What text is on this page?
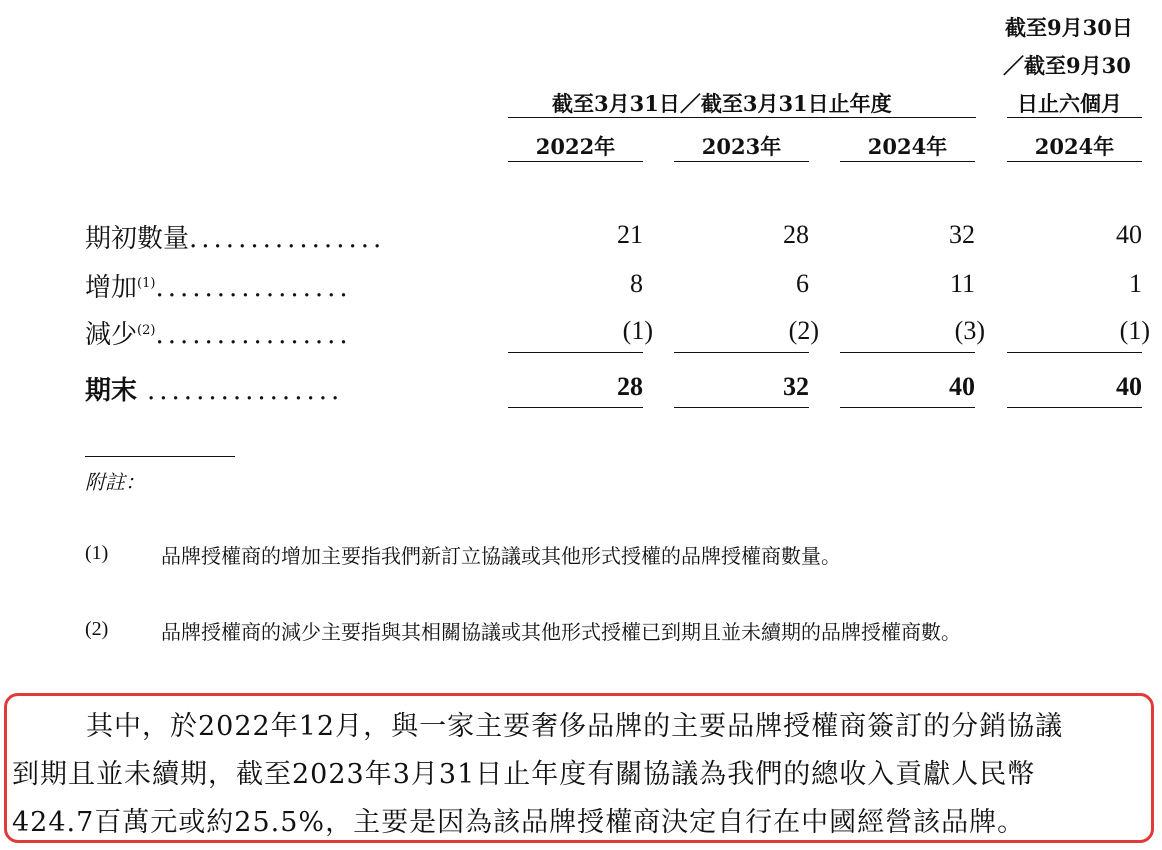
截至3月31日／截至3月31日止年度
截至9月30日
／截至9月30
日止六個月
2022年	2023年	2024年	2024年
期初數量................	21	28	32	40
增加$^{(1)}$................	8	6	11	1
減少$^{(2)}$................	(1)	(2)	(3)	(1)
期末 ................	28	32	40	40
附註：
(1)	品牌授權商的增加主要指我們新訂立協議或其他形式授權的品牌授權商數量。
(2)	品牌授權商的減少主要指與其相關協議或其他形式授權已到期且並未續期的品牌授權商數。
其中，於2022年12月，與一家主要奢侈品牌的主要品牌授權商簽訂的分銷協議
到期且並未續期，截至2023年3月31日止年度有關協議為我們的總收入貢獻人民幣
424.7百萬元或約25.5%，主要是因為該品牌授權商決定自行在中國經營該品牌。
